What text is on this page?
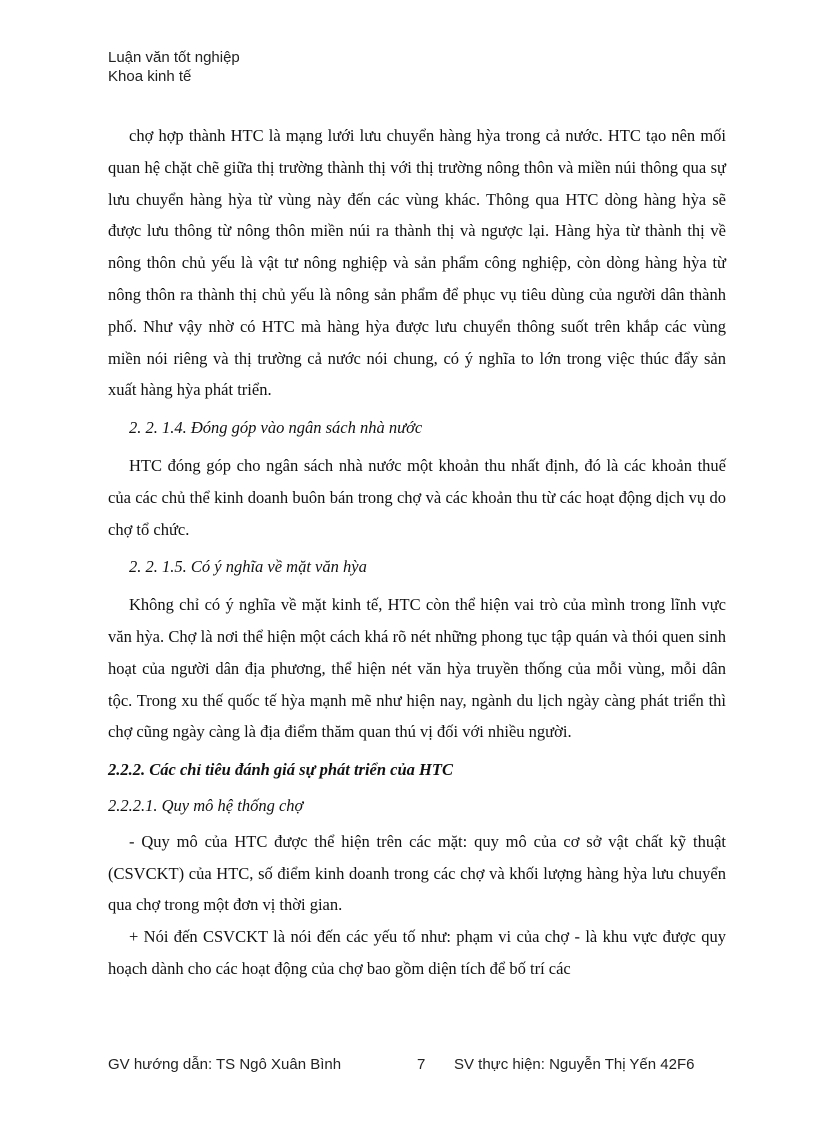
Luận văn tốt nghiệp
Khoa kinh tế

chợ hợp thành HTC là mạng lưới lưu chuyển hàng hỳa trong cả nước. HTC tạo nên mối quan hệ chặt chẽ giữa thị trường thành thị với thị trường nông thôn và miền núi thông qua sự lưu chuyển hàng hỳa từ vùng này đến các vùng khác. Thông qua HTC dòng hàng hỳa sẽ được lưu thông từ nông thôn miền núi ra thành thị và ngược lại. Hàng hỳa từ thành thị về nông thôn chủ yếu là vật tư nông nghiệp và sản phẩm công nghiệp, còn dòng hàng hỳa từ nông thôn ra thành thị chủ yếu là nông sản phẩm để phục vụ tiêu dùng của người dân thành phố. Như vậy nhờ có HTC mà hàng hỳa được lưu chuyển thông suốt trên khắp các vùng miền nói riêng và thị trường cả nước nói chung, có ý nghĩa to lớn trong việc thúc đẩy sản xuất hàng hỳa phát triển.

2. 2. 1.4. Đóng góp vào ngân sách nhà nước

HTC đóng góp cho ngân sách nhà nước một khoản thu nhất định, đó là các khoản thuế của các chủ thể kinh doanh buôn bán trong chợ và các khoản thu từ các hoạt động dịch vụ do chợ tổ chức.

2. 2. 1.5. Có ý nghĩa về mặt văn hỳa

Không chỉ có ý nghĩa về mặt kinh tế, HTC còn thể hiện vai trò của mình trong lĩnh vực văn hỳa. Chợ là nơi thể hiện một cách khá rõ nét những phong tục tập quán và thói quen sinh hoạt của người dân địa phương, thể hiện nét văn hỳa truyền thống của mỗi vùng, mỗi dân tộc. Trong xu thế quốc tế hỳa mạnh mẽ như hiện nay, ngành du lịch ngày càng phát triển thì chợ cũng ngày càng là địa điểm thăm quan thú vị đối với nhiều người.

2.2.2. Các chỉ tiêu đánh giá sự phát triển của HTC

2.2.2.1. Quy mô hệ thống chợ

- Quy mô của HTC được thể hiện trên các mặt: quy mô của cơ sở vật chất kỹ thuật (CSVCKT) của HTC, số điểm kinh doanh trong các chợ và khối lượng hàng hỳa lưu chuyển qua chợ trong một đơn vị thời gian.

+ Nói đến CSVCKT là nói đến các yếu tố như: phạm vi của chợ - là khu vực được quy hoạch dành cho các hoạt động của chợ bao gồm diện tích để bố trí các

GV hướng dẫn: TS Ngô Xuân Bình	7 SV thực hiện: Nguyễn Thị Yến 42F6
